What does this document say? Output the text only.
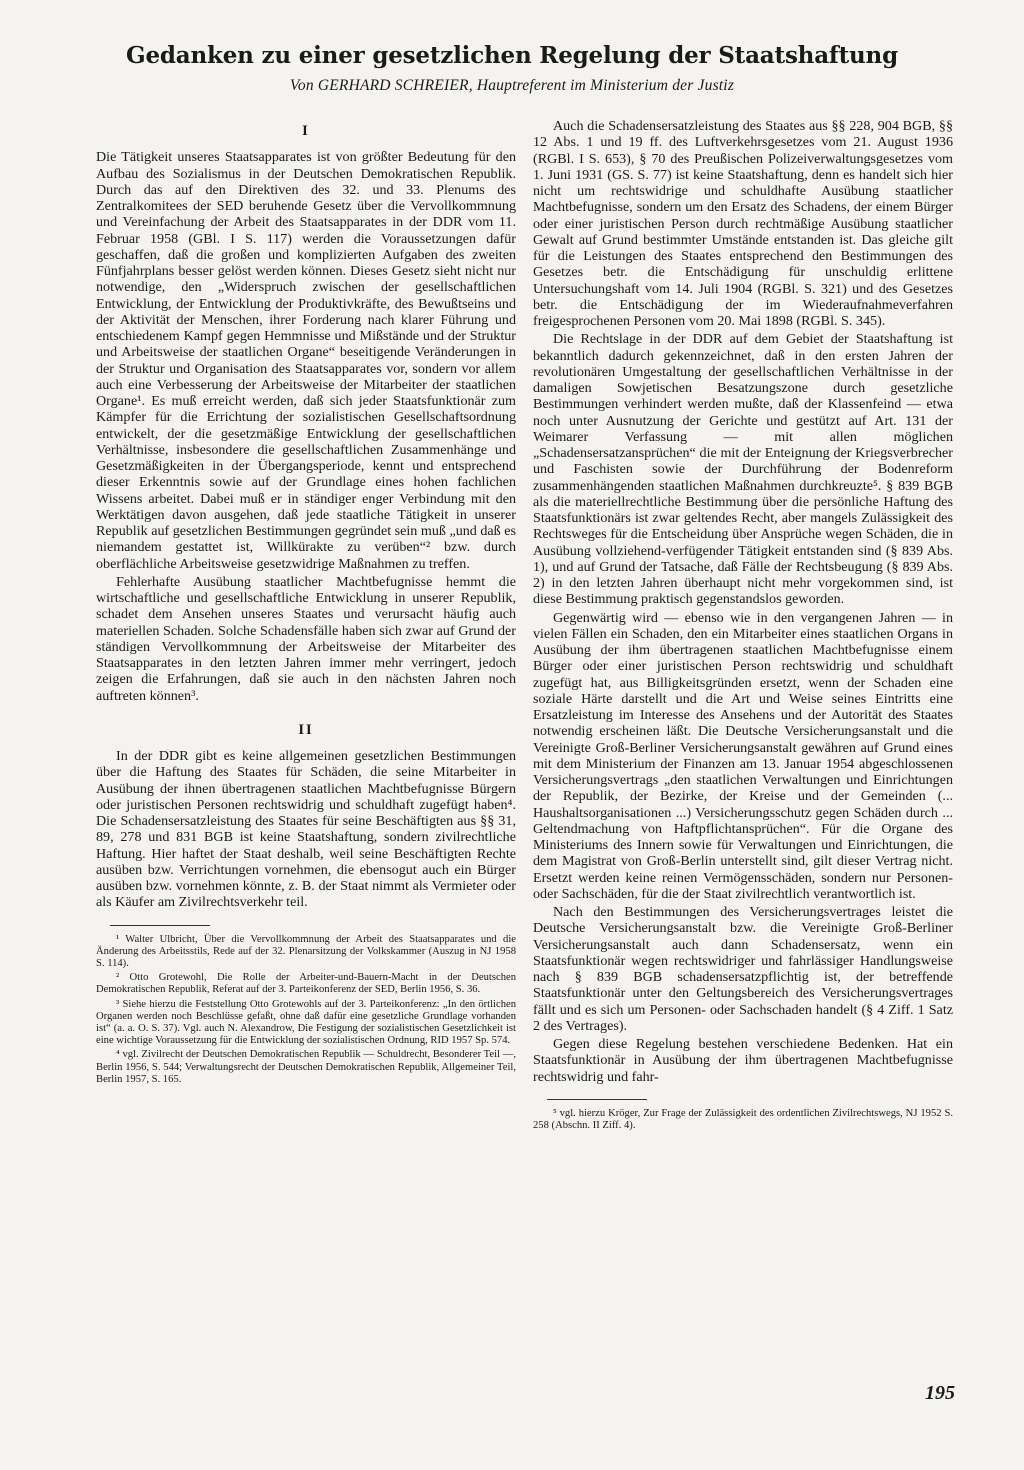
Gedanken zu einer gesetzlichen Regelung der Staatshaftung
Von GERHARD SCHREIER, Hauptreferent im Ministerium der Justiz
I

Die Tätigkeit unseres Staatsapparates ist von größter Bedeutung für den Aufbau des Sozialismus in der Deutschen Demokratischen Republik. Durch das auf den Direktiven des 32. und 33. Plenums des Zentralkomitees der SED beruhende Gesetz über die Vervollkommnung und Vereinfachung der Arbeit des Staatsapparates in der DDR vom 11. Februar 1958 (GBl. I S. 117) werden die Voraussetzungen dafür geschaffen, daß die großen und komplizierten Aufgaben des zweiten Fünfjahrplans besser gelöst werden können. Dieses Gesetz sieht nicht nur notwendige, den „Widerspruch zwischen der gesellschaftlichen Entwicklung, der Entwicklung der Produktivkräfte, des Bewußtseins und der Aktivität der Menschen, ihrer Forderung nach klarer Führung und entschiedenem Kampf gegen Hemmnisse und Mißstände und der Struktur und Arbeitsweise der staatlichen Organe“ beseitigende Veränderungen in der Struktur und Organisation des Staatsapparates vor, sondern vor allem auch eine Verbesserung der Arbeitsweise der Mitarbeiter der staatlichen Organe¹. Es muß erreicht werden, daß sich jeder Staatsfunktionär zum Kämpfer für die Errichtung der sozialistischen Gesellschaftsordnung entwickelt, der die gesetzmäßige Entwicklung der gesellschaftlichen Verhältnisse, insbesondere die gesellschaftlichen Zusammenhänge und Gesetzmäßigkeiten in der Übergangsperiode, kennt und entsprechend dieser Erkenntnis sowie auf der Grundlage eines hohen fachlichen Wissens arbeitet. Dabei muß er in ständiger enger Verbindung mit den Werktätigen davon ausgehen, daß jede staatliche Tätigkeit in unserer Republik auf gesetzlichen Bestimmungen gegründet sein muß „und daß es niemandem gestattet ist, Willkürakte zu verüben“² bzw. durch oberflächliche Arbeitsweise gesetzwidrige Maßnahmen zu treffen.

Fehlerhafte Ausübung staatlicher Machtbefugnisse hemmt die wirtschaftliche und gesellschaftliche Entwicklung in unserer Republik, schadet dem Ansehen unseres Staates und verursacht häufig auch materiellen Schaden. Solche Schadensfälle haben sich zwar auf Grund der ständigen Vervollkommnung der Arbeitsweise der Mitarbeiter des Staatsapparates in den letzten Jahren immer mehr verringert, jedoch zeigen die Erfahrungen, daß sie auch in den nächsten Jahren noch auftreten können³.

II

In der DDR gibt es keine allgemeinen gesetzlichen Bestimmungen über die Haftung des Staates für Schäden, die seine Mitarbeiter in Ausübung der ihnen übertragenen staatlichen Machtbefugnisse Bürgern oder juristischen Personen rechtswidrig und schuldhaft zugefügt haben⁴. Die Schadensersatzleistung des Staates für seine Beschäftigten aus §§ 31, 89, 278 und 831 BGB ist keine Staatshaftung, sondern zivilrechtliche Haftung. Hier haftet der Staat deshalb, weil seine Beschäftigten Rechte ausüben bzw. Verrichtungen vornehmen, die ebensogut auch ein Bürger ausüben bzw. vornehmen könnte, z. B. der Staat nimmt als Vermieter oder als Käufer am Zivilrechtsverkehr teil.

¹ Walter Ulbricht, Über die Vervollkommnung der Arbeit des Staatsapparates und die Änderung des Arbeitsstils, Rede auf der 32. Plenarsitzung der Volkskammer (Auszug in NJ 1958 S. 114).

² Otto Grotewohl, Die Rolle der Arbeiter-und-Bauern-Macht in der Deutschen Demokratischen Republik, Referat auf der 3. Parteikonferenz der SED, Berlin 1956, S. 36.

³ Siehe hierzu die Feststellung Otto Grotewohls auf der 3. Parteikonferenz: „In den örtlichen Organen werden noch Beschlüsse gefaßt, ohne daß dafür eine gesetzliche Grundlage vorhanden ist“ (a. a. O. S. 37). Vgl. auch N. Alexandrow, Die Festigung der sozialistischen Gesetzlichkeit ist eine wichtige Voraussetzung für die Entwicklung der sozialistischen Ordnung, RID 1957 Sp. 574.

⁴ vgl. Zivilrecht der Deutschen Demokratischen Republik — Schuldrecht, Besonderer Teil —, Berlin 1956, S. 544; Verwaltungsrecht der Deutschen Demokratischen Republik, Allgemeiner Teil, Berlin 1957, S. 165.

Auch die Schadensersatzleistung des Staates aus §§ 228, 904 BGB, §§ 12 Abs. 1 und 19 ff. des Luftverkehrsgesetzes vom 21. August 1936 (RGBl. I S. 653), § 70 des Preußischen Polizeiverwaltungsgesetzes vom 1. Juni 1931 (GS. S. 77) ist keine Staatshaftung, denn es handelt sich hier nicht um rechtswidrige und schuldhafte Ausübung staatlicher Machtbefugnisse, sondern um den Ersatz des Schadens, der einem Bürger oder einer juristischen Person durch rechtmäßige Ausübung staatlicher Gewalt auf Grund bestimmter Umstände entstanden ist. Das gleiche gilt für die Leistungen des Staates entsprechend den Bestimmungen des Gesetzes betr. die Entschädigung für unschuldig erlittene Untersuchungshaft vom 14. Juli 1904 (RGBl. S. 321) und des Gesetzes betr. die Entschädigung der im Wiederaufnahmeverfahren freigesprochenen Personen vom 20. Mai 1898 (RGBl. S. 345).

Die Rechtslage in der DDR auf dem Gebiet der Staatshaftung ist bekanntlich dadurch gekennzeichnet, daß in den ersten Jahren der revolutionären Umgestaltung der gesellschaftlichen Verhältnisse in der damaligen Sowjetischen Besatzungszone durch gesetzliche Bestimmungen verhindert werden mußte, daß der Klassenfeind — etwa noch unter Ausnutzung der Gerichte und gestützt auf Art. 131 der Weimarer Verfassung — mit allen möglichen „Schadensersatzansprüchen“ die mit der Enteignung der Kriegsverbrecher und Faschisten sowie der Durchführung der Bodenreform zusammenhängenden staatlichen Maßnahmen durchkreuzte⁵. § 839 BGB als die materiellrechtliche Bestimmung über die persönliche Haftung des Staatsfunktionärs ist zwar geltendes Recht, aber mangels Zulässigkeit des Rechtsweges für die Entscheidung über Ansprüche wegen Schäden, die in Ausübung vollziehend-verfügender Tätigkeit entstanden sind (§ 839 Abs. 1), und auf Grund der Tatsache, daß Fälle der Rechtsbeugung (§ 839 Abs. 2) in den letzten Jahren überhaupt nicht mehr vorgekommen sind, ist diese Bestimmung praktisch gegenstandslos geworden.

Gegenwärtig wird — ebenso wie in den vergangenen Jahren — in vielen Fällen ein Schaden, den ein Mitarbeiter eines staatlichen Organs in Ausübung der ihm übertragenen staatlichen Machtbefugnisse einem Bürger oder einer juristischen Person rechtswidrig und schuldhaft zugefügt hat, aus Billigkeitsgründen ersetzt, wenn der Schaden eine soziale Härte darstellt und die Art und Weise seines Eintritts eine Ersatzleistung im Interesse des Ansehens und der Autorität des Staates notwendig erscheinen läßt. Die Deutsche Versicherungsanstalt und die Vereinigte Groß-Berliner Versicherungsanstalt gewähren auf Grund eines mit dem Ministerium der Finanzen am 13. Januar 1954 abgeschlossenen Versicherungsvertrags „den staatlichen Verwaltungen und Einrichtungen der Republik, der Bezirke, der Kreise und der Gemeinden (... Haushaltsorganisationen ...) Versicherungsschutz gegen Schäden durch ... Geltendmachung von Haftpflichtansprüchen“. Für die Organe des Ministeriums des Innern sowie für Verwaltungen und Einrichtungen, die dem Magistrat von Groß-Berlin unterstellt sind, gilt dieser Vertrag nicht. Ersetzt werden keine reinen Vermögensschäden, sondern nur Personen- oder Sachschäden, für die der Staat zivilrechtlich verantwortlich ist.

Nach den Bestimmungen des Versicherungsvertrages leistet die Deutsche Versicherungsanstalt bzw. die Vereinigte Groß-Berliner Versicherungsanstalt auch dann Schadensersatz, wenn ein Staatsfunktionär wegen rechtswidriger und fahrlässiger Handlungsweise nach § 839 BGB schadensersatzpflichtig ist, der betreffende Staatsfunktionär unter den Geltungsbereich des Versicherungsvertrages fällt und es sich um Personen- oder Sachschaden handelt (§ 4 Ziff. 1 Satz 2 des Vertrages).

Gegen diese Regelung bestehen verschiedene Bedenken. Hat ein Staatsfunktionär in Ausübung der ihm übertragenen Machtbefugnisse rechtswidrig und fahr-

⁵ vgl. hierzu Kröger, Zur Frage der Zulässigkeit des ordentlichen Zivilrechtswegs, NJ 1952 S. 258 (Abschn. II Ziff. 4).

195
